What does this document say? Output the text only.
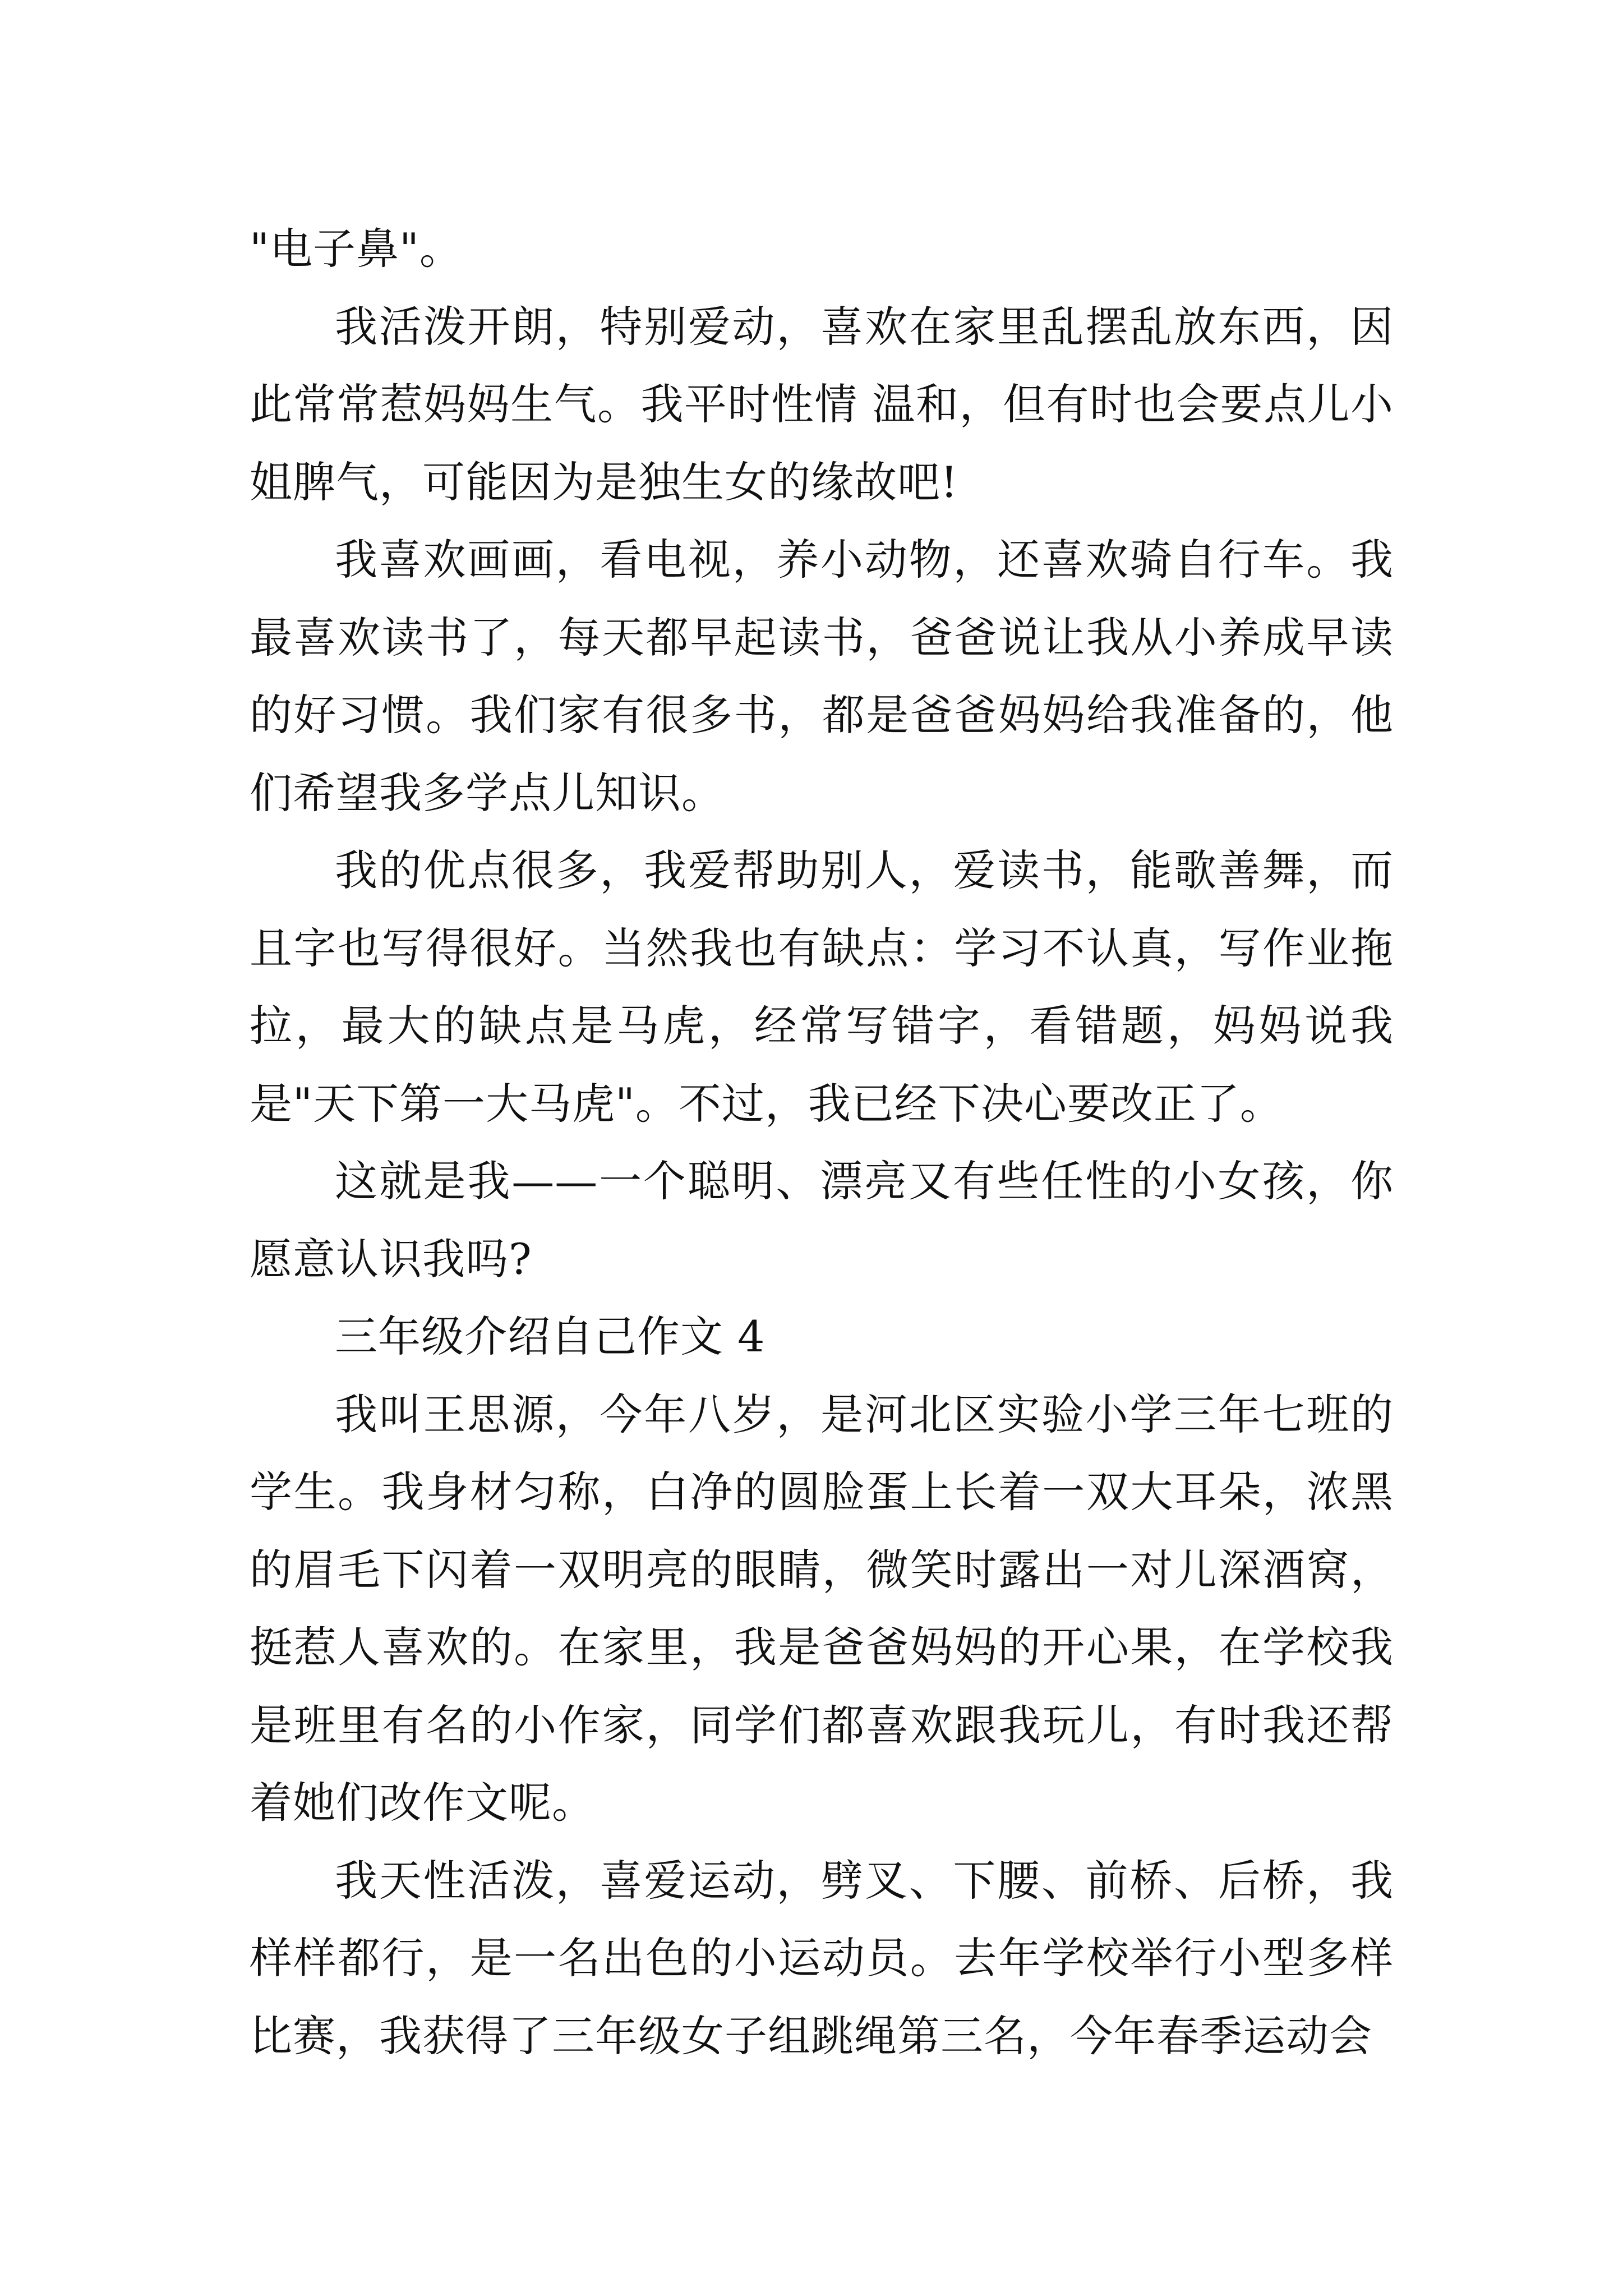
"电子鼻"。

我活泼开朗，特别爱动，喜欢在家里乱摆乱放东西，因此常常惹妈妈生气。我平时性情 温和，但有时也会要点儿小姐脾气，可能因为是独生女的缘故吧!

我喜欢画画，看电视，养小动物，还喜欢骑自行车。我最喜欢读书了，每天都早起读书，爸爸说让我从小养成早读的好习惯。我们家有很多书，都是爸爸妈妈给我准备的，他们希望我多学点儿知识。

我的优点很多，我爱帮助别人，爱读书，能歌善舞，而且字也写得很好。当然我也有缺点：学习不认真，写作业拖拉，最大的缺点是马虎，经常写错字，看错题，妈妈说我是"天下第一大马虎"。不过，我已经下决心要改正了。

这就是我——一个聪明、漂亮又有些任性的小女孩，你愿意认识我吗?

三年级介绍自己作文 4

我叫王思源，今年八岁，是河北区实验小学三年七班的学生。我身材匀称，白净的圆脸蛋上长着一双大耳朵，浓黑的眉毛下闪着一双明亮的眼睛，微笑时露出一对儿深酒窝，挺惹人喜欢的。在家里，我是爸爸妈妈的开心果，在学校我是班里有名的小作家，同学们都喜欢跟我玩儿，有时我还帮着她们改作文呢。

我天性活泼，喜爱运动，劈叉、下腰、前桥、后桥，我样样都行，是一名出色的小运动员。去年学校举行小型多样比赛，我获得了三年级女子组跳绳第三名，今年春季运动会
